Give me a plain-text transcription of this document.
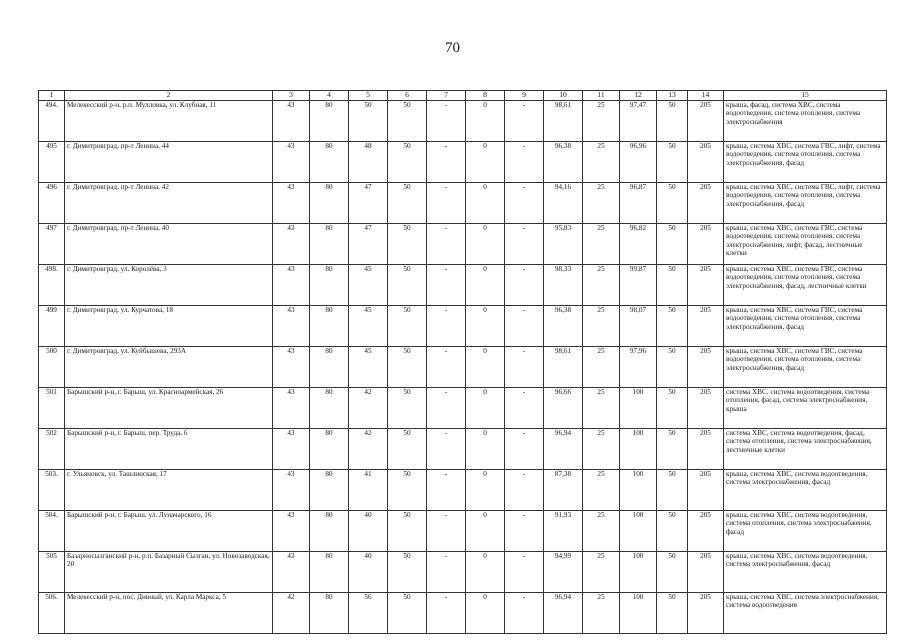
70
1	2	3	4	5	6	7	8	9	10	11	12	13	14	15
494.	Мелекесский р-н, р.п. Мулловка, ул. Клубная, 11	43	80	50	50	-	0	-	98,61	25	97,47	50	205	крыша, фасад, система ХВС, система водоотведения, система отопления, система электроснабжения
495	г. Димитровград, пр-т Ленина, 44	43	80	48	50	-	0	-	96,38	25	96,96	50	205	крыша, система ХВС, система ГВС, лифт, система водоотведения, система отопления, система электроснабжения, фасад
496	г. Димитровград, пр-т Ленина, 42	43	80	47	50	-	0	-	94,16	25	96,87	50	205	крыша, система ХВС, система ГВС, лифт, система водоотведения, система отопления, система электроснабжения, фасад
497	г. Димитровград, пр-т Ленина, 40	43	80	47	50	-	0	-	95,83	25	96,82	50	205	крыша, система ХВС, система ГВС, система водоотведения, система отопления, система электроснабжения, лифт, фасад, лестничные клетки
498.	г. Димитровград, ул. Королёва, 3	43	80	45	50	-	0	-	98,33	25	99,87	50	205	крыша, система ХВС, система ГВС, система водоотведения, система отопления, система электроснабжения, фасад, лестничные клетки
499	г. Димитровград, ул. Курчатова, 18	43	80	45	50	-	0	-	96,38	25	98,07	50	205	крыша, система ХВС, система ГВС, система водоотведения, система отопления, система электроснабжения, фасад
500	г. Димитровград, ул. Куйбышева, 293А	43	80	45	50	-	0	-	98,61	25	97,96	50	205	крыша, система ХВС, система ГВС, система водоотведения, система отопления, система электроснабжения, фасад
501	Барышский р-н, г. Барыш, ул. Красноармейская, 26	43	80	42	50	-	0	-	96,66	25	100	50	205	система ХВС, система водоотведения, система отопления, фасад, система электроснабжения, крыша
502	Барышский р-н, г. Барыш, пер. Труда, 6	43	80	42	50	-	0	-	96,94	25	100	50	205	система ХВС, система водоотведения, фасад, система отопления, система электроснабжения, лестничные клетки
503.	г. Ульяновск, ул. Ташлинская, 17	43	80	41	50	-	0	-	87,38	25	100	50	205	крыша, система ХВС, система водоотведения, система электроснабжения, фасад
504.	Барышский р-н, г. Барыш, ул. Луначарского, 16	43	80	40	50	-	0	-	91,93	25	100	50	205	крыша, система ХВС, система водоотведения, система отопления, система электроснабжения, фасад
505	Базарносызганский р-н, р.п. Базарный Сызган, ул. Новозаводская, 20	43	80	40	50	-	0	-	94,99	25	100	50	205	крыша, система ХВС, система водоотведения, система электроснабжения, фасад
506.	Мелекесский р-н, пос. Дивный, ул. Карла Маркса, 5	42	80	56	50	-	0	-	96,94	25	100	50	205	крыша, система ХВС, система электроснабжения, система водоотведения
